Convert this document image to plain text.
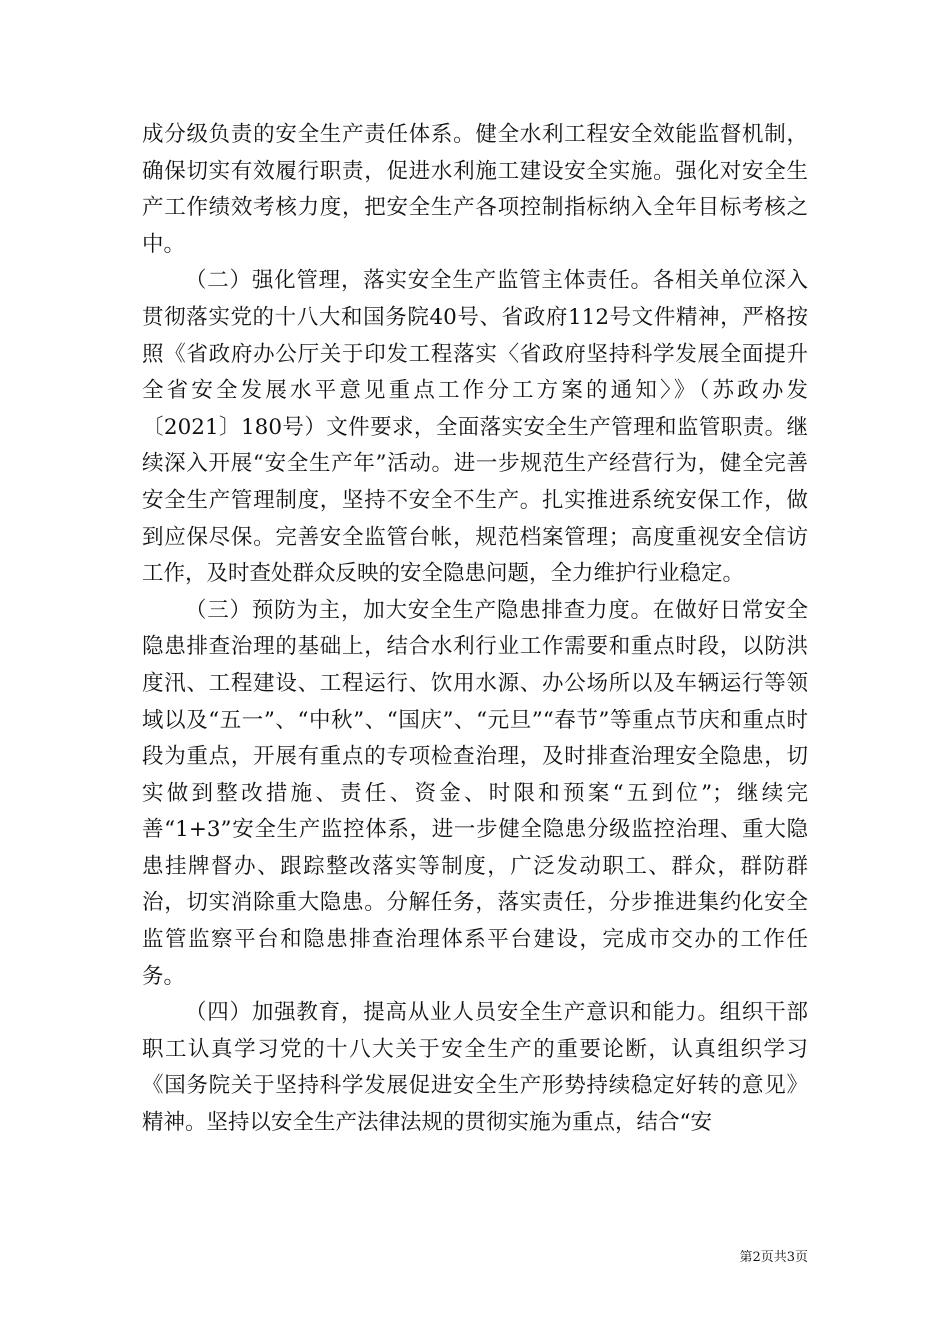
成分级负责的安全生产责任体系。健全水利工程安全效能监督机制，确保切实有效履行职责，促进水利施工建设安全实施。强化对安全生产工作绩效考核力度，把安全生产各项控制指标纳入全年目标考核之中。

（二）强化管理，落实安全生产监管主体责任。各相关单位深入贯彻落实党的十八大和国务院40号、省政府112号文件精神，严格按照《省政府办公厅关于印发工程落实〈省政府坚持科学发展全面提升全省安全发展水平意见重点工作分工方案的通知〉》（苏政办发〔2021〕180号）文件要求，全面落实安全生产管理和监管职责。继续深入开展“安全生产年”活动。进一步规范生产经营行为，健全完善安全生产管理制度，坚持不安全不生产。扎实推进系统安保工作，做到应保尽保。完善安全监管台帐，规范档案管理；高度重视安全信访工作，及时查处群众反映的安全隐患问题，全力维护行业稳定。

（三）预防为主，加大安全生产隐患排查力度。在做好日常安全隐患排查治理的基础上，结合水利行业工作需要和重点时段，以防洪度汛、工程建设、工程运行、饮用水源、办公场所以及车辆运行等领域以及“五一”、“中秋”、“国庆”、“元旦”“春节”等重点节庆和重点时段为重点，开展有重点的专项检查治理，及时排查治理安全隐患，切实做到整改措施、责任、资金、时限和预案“五到位”；继续完善“1+3”安全生产监控体系，进一步健全隐患分级监控治理、重大隐患挂牌督办、跟踪整改落实等制度，广泛发动职工、群众，群防群治，切实消除重大隐患。分解任务，落实责任，分步推进集约化安全监管监察平台和隐患排查治理体系平台建设，完成市交办的工作任务。

（四）加强教育，提高从业人员安全生产意识和能力。组织干部职工认真学习党的十八大关于安全生产的重要论断，认真组织学习《国务院关于坚持科学发展促进安全生产形势持续稳定好转的意见》精神。坚持以安全生产法律法规的贯彻实施为重点，结合“安

第2页共3页
